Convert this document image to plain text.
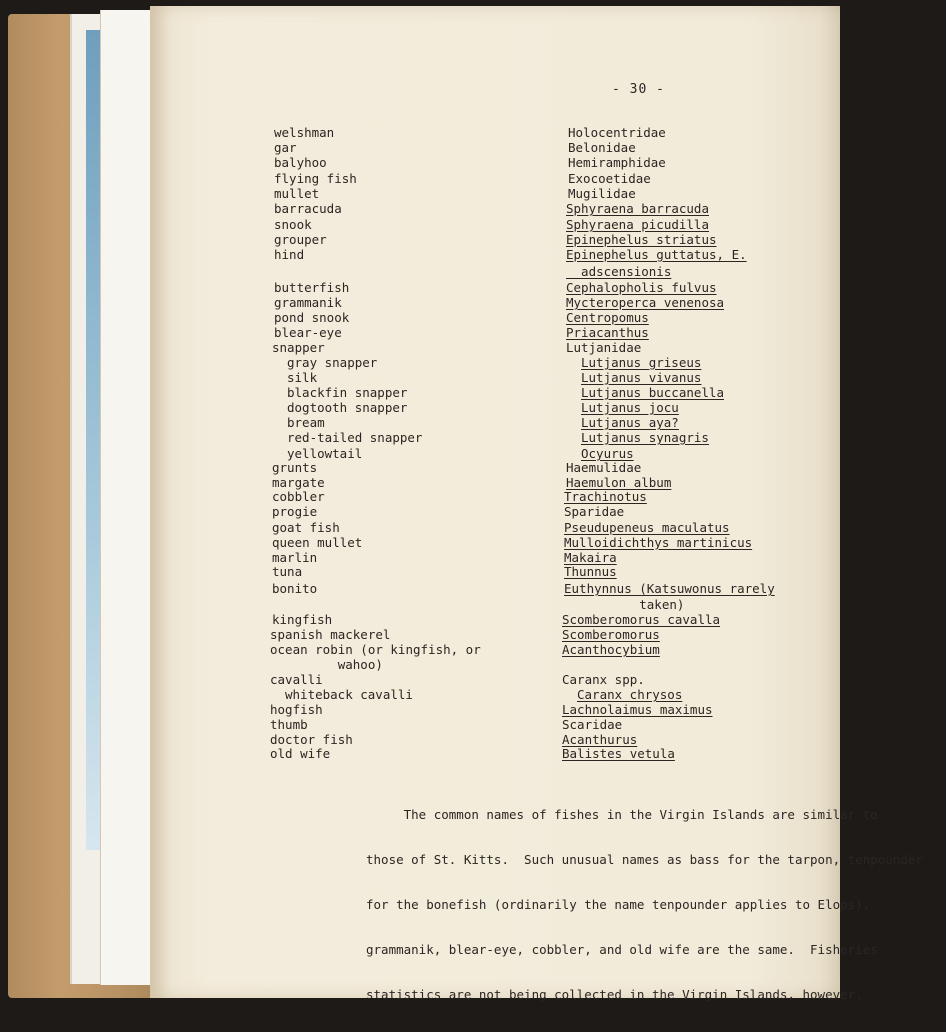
- 30 -
welshman	Holocentridae
gar	Belonidae
balyhoo	Hemiramphidae
flying fish	Exocoetidae
mullet	Mugilidae
barracuda	Sphyraena barracuda
snook	Sphyraena picudilla
grouper	Epinephelus striatus
hind	Epinephelus guttatus, E.
adscensionis
butterfish	Cephalopholis fulvus
grammanik	Mycteroperca venenosa
pond snook	Centropomus
blear-eye	Priacanthus
snapper	Lutjanidae
gray snapper	Lutjanus griseus
silk	Lutjanus vivanus
blackfin snapper	Lutjanus buccanella
dogtooth snapper	Lutjanus jocu
bream	Lutjanus aya?
red-tailed snapper	Lutjanus synagris
yellowtail	Ocyurus
grunts	Haemulidae
margate	Haemulon album
cobbler	Trachinotus
progie	Sparidae
goat fish	Pseudupeneus maculatus
queen mullet	Mulloidichthys martinicus
marlin	Makaira
tuna	Thunnus
bonito	Euthynnus (Katsuwonus rarely
taken)
kingfish	Scomberomorus cavalla
spanish mackerel	Scomberomorus
ocean robin (or kingfish, or	Acanthocybium
wahoo)
cavalli	Caranx spp.
whiteback cavalli	Caranx chrysos
hogfish	Lachnolaimus maximus
thumb	Scaridae
doctor fish	Acanthurus
old wife	Balistes vetula

The common names of fishes in the Virgin Islands are similar to

those of St. Kitts.  Such unusual names as bass for the tarpon, tenpounder

for the bonefish (ordinarily the name tenpounder applies to Elops),

grammanik, blear-eye, cobbler, and old wife are the same.  Fisheries

statistics are not being collected in the Virgin Islands, however.
